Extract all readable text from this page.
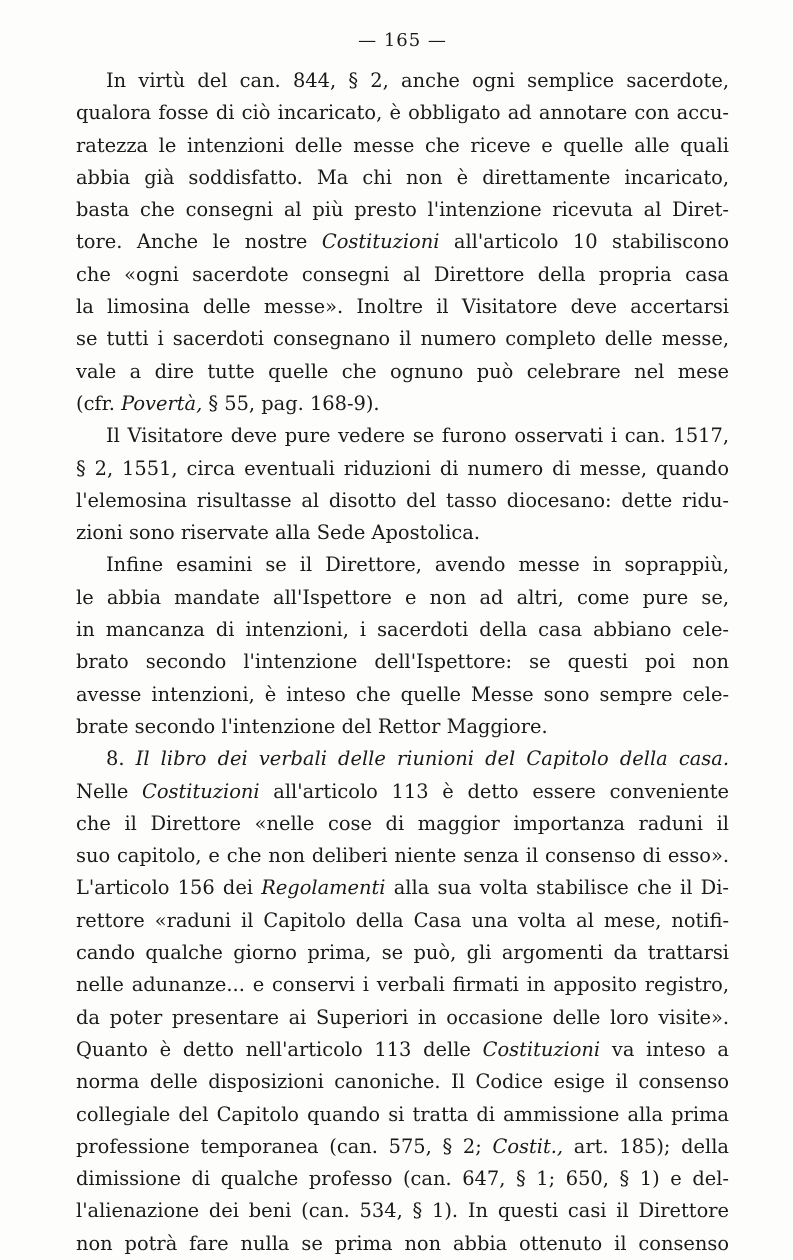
— 165 —

In virtù del can. 844, § 2, anche ogni semplice sacerdote,
qualora fosse di ciò incaricato, è obbligato ad annotare con accu-
ratezza le intenzioni delle messe che riceve e quelle alle quali
abbia già soddisfatto. Ma chi non è direttamente incaricato,
basta che consegni al più presto l'intenzione ricevuta al Diret-
tore. Anche le nostre Costituzioni all'articolo 10 stabiliscono
che «ogni sacerdote consegni al Direttore della propria casa
la limosina delle messe». Inoltre il Visitatore deve accertarsi
se tutti i sacerdoti consegnano il numero completo delle messe,
vale a dire tutte quelle che ognuno può celebrare nel mese
(cfr. Povertà, § 55, pag. 168-9).

Il Visitatore deve pure vedere se furono osservati i can. 1517,
§ 2, 1551, circa eventuali riduzioni di numero di messe, quando
l'elemosina risultasse al disotto del tasso diocesano: dette ridu-
zioni sono riservate alla Sede Apostolica.

Infine esamini se il Direttore, avendo messe in soprappiù,
le abbia mandate all'Ispettore e non ad altri, come pure se,
in mancanza di intenzioni, i sacerdoti della casa abbiano cele-
brato secondo l'intenzione dell'Ispettore: se questi poi non
avesse intenzioni, è inteso che quelle Messe sono sempre cele-
brate secondo l'intenzione del Rettor Maggiore.

8. Il libro dei verbali delle riunioni del Capitolo della casa.
Nelle Costituzioni all'articolo 113 è detto essere conveniente
che il Direttore «nelle cose di maggior importanza raduni il
suo capitolo, e che non deliberi niente senza il consenso di esso».
L'articolo 156 dei Regolamenti alla sua volta stabilisce che il Di-
rettore «raduni il Capitolo della Casa una volta al mese, notifi-
cando qualche giorno prima, se può, gli argomenti da trattarsi
nelle adunanze... e conservi i verbali firmati in apposito registro,
da poter presentare ai Superiori in occasione delle loro visite».
Quanto è detto nell'articolo 113 delle Costituzioni va inteso a
norma delle disposizioni canoniche. Il Codice esige il consenso
collegiale del Capitolo quando si tratta di ammissione alla prima
professione temporanea (can. 575, § 2; Costit., art. 185); della
dimissione di qualche professo (can. 647, § 1; 650, § 1) e del-
l'alienazione dei beni (can. 534, § 1). In questi casi il Direttore
non potrà fare nulla se prima non abbia ottenuto il consenso
